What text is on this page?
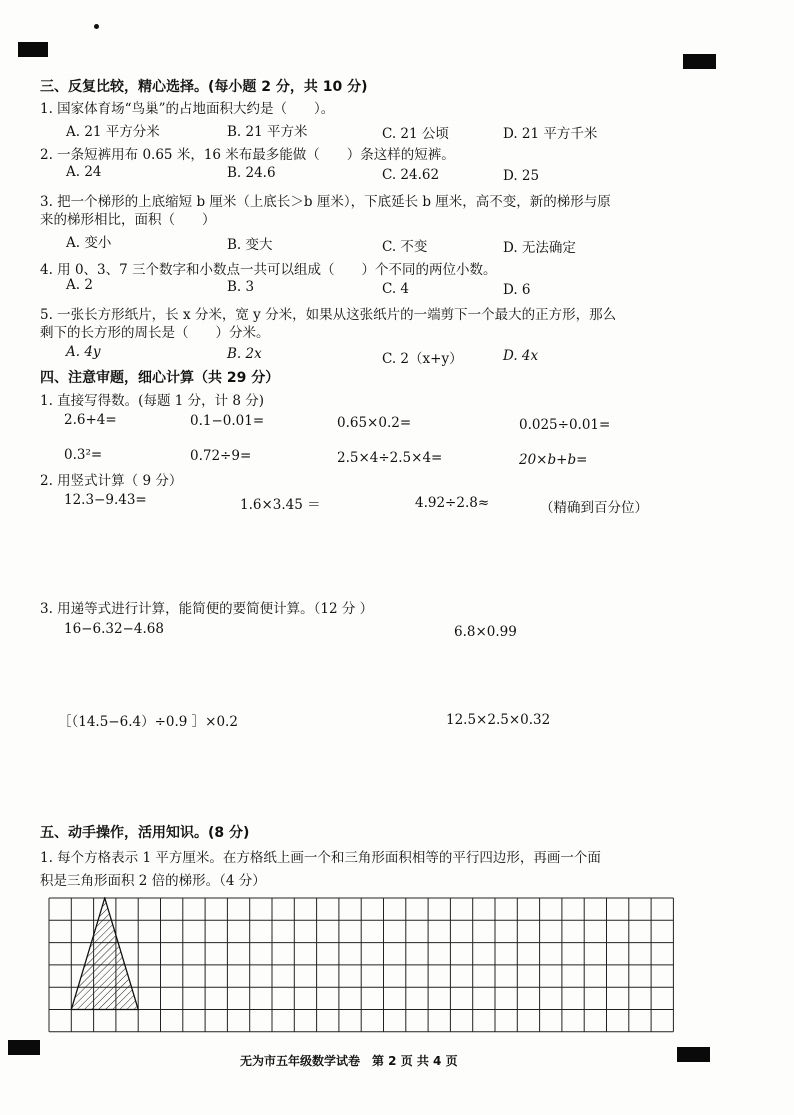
三、反复比较，精心选择。(每小题 2 分，共 10 分)
1. 国家体育场“鸟巢”的占地面积大约是（　　）。
A. 21 平方分米	B. 21 平方米	C. 21 公顷	D. 21 平方千米
2. 一条短裤用布 0.65 米，16 米布最多能做（　　）条这样的短裤。
A. 24	B. 24.6	C. 24.62	D. 25
3. 把一个梯形的上底缩短 b 厘米（上底长＞b 厘米），下底延长 b 厘米，高不变，新的梯形与原
来的梯形相比，面积（　　）
A. 变小	B. 变大	C. 不变	D. 无法确定
4. 用 0、3、7 三个数字和小数点一共可以组成（　　）个不同的两位小数。
A. 2	B. 3	C. 4	D. 6
5. 一张长方形纸片，长 x 分米，宽 y 分米，如果从这张纸片的一端剪下一个最大的正方形，那么
剩下的长方形的周长是（　　）分米。
A. 4y	B. 2x	C. 2（x+y）	D. 4x
四、注意审题，细心计算（共 29 分）
1. 直接写得数。(每题 1 分，计 8 分)
2.6+4=	0.1−0.01=	0.65×0.2=	0.025÷0.01=
0.3²=	0.72÷9=	2.5×4÷2.5×4=	20×b+b=
2. 用竖式计算（ 9 分）
12.3−9.43=	1.6×3.45 ＝	4.92÷2.8≈	（精确到百分位）
3. 用递等式进行计算，能简便的要简便计算。（12 分 ）
16−6.32−4.68	6.8×0.99
［（14.5−6.4）÷0.9 ］×0.2	12.5×2.5×0.32
五、动手操作，活用知识。(8 分)
1. 每个方格表示 1 平方厘米。在方格纸上画一个和三角形面积相等的平行四边形，再画一个面
积是三角形面积 2 倍的梯形。（4 分）
无为市五年级数学试卷　第 2 页 共 4 页
